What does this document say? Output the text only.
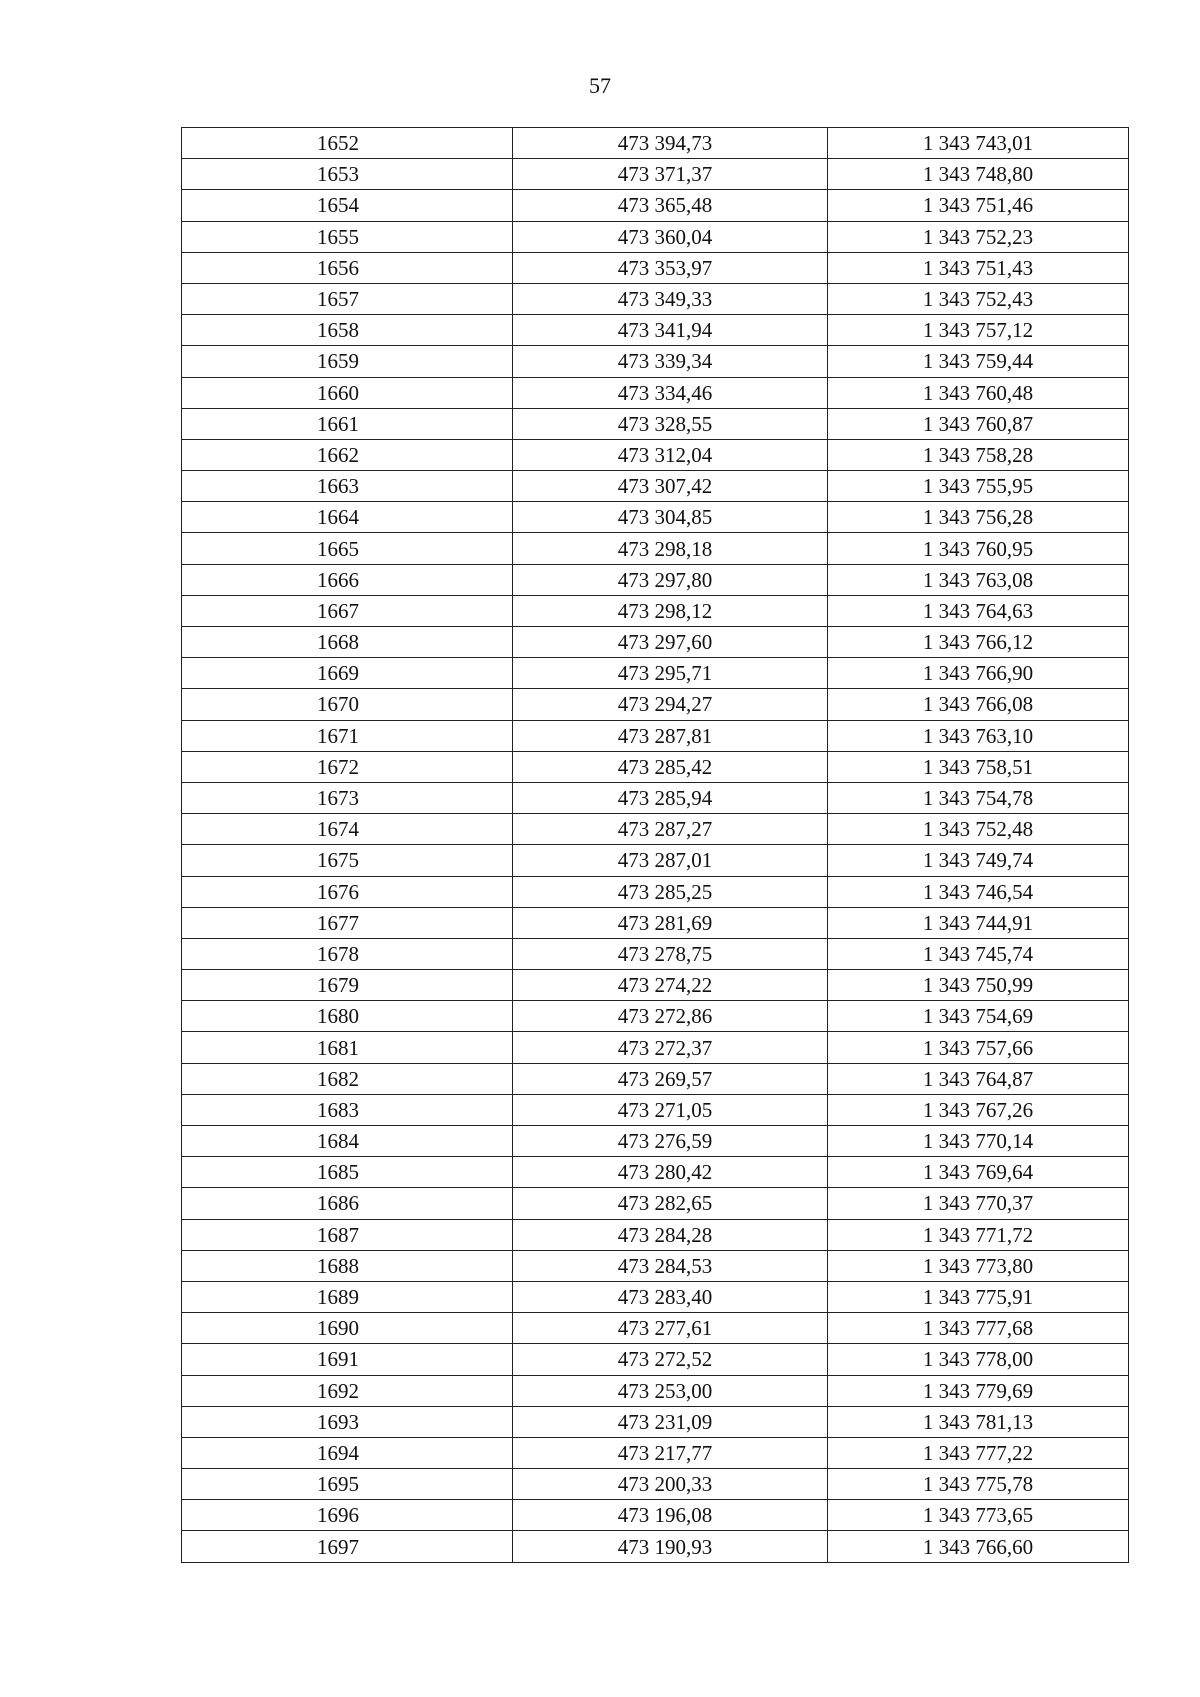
57
1652	473 394,73	1 343 743,01
1653	473 371,37	1 343 748,80
1654	473 365,48	1 343 751,46
1655	473 360,04	1 343 752,23
1656	473 353,97	1 343 751,43
1657	473 349,33	1 343 752,43
1658	473 341,94	1 343 757,12
1659	473 339,34	1 343 759,44
1660	473 334,46	1 343 760,48
1661	473 328,55	1 343 760,87
1662	473 312,04	1 343 758,28
1663	473 307,42	1 343 755,95
1664	473 304,85	1 343 756,28
1665	473 298,18	1 343 760,95
1666	473 297,80	1 343 763,08
1667	473 298,12	1 343 764,63
1668	473 297,60	1 343 766,12
1669	473 295,71	1 343 766,90
1670	473 294,27	1 343 766,08
1671	473 287,81	1 343 763,10
1672	473 285,42	1 343 758,51
1673	473 285,94	1 343 754,78
1674	473 287,27	1 343 752,48
1675	473 287,01	1 343 749,74
1676	473 285,25	1 343 746,54
1677	473 281,69	1 343 744,91
1678	473 278,75	1 343 745,74
1679	473 274,22	1 343 750,99
1680	473 272,86	1 343 754,69
1681	473 272,37	1 343 757,66
1682	473 269,57	1 343 764,87
1683	473 271,05	1 343 767,26
1684	473 276,59	1 343 770,14
1685	473 280,42	1 343 769,64
1686	473 282,65	1 343 770,37
1687	473 284,28	1 343 771,72
1688	473 284,53	1 343 773,80
1689	473 283,40	1 343 775,91
1690	473 277,61	1 343 777,68
1691	473 272,52	1 343 778,00
1692	473 253,00	1 343 779,69
1693	473 231,09	1 343 781,13
1694	473 217,77	1 343 777,22
1695	473 200,33	1 343 775,78
1696	473 196,08	1 343 773,65
1697	473 190,93	1 343 766,60
